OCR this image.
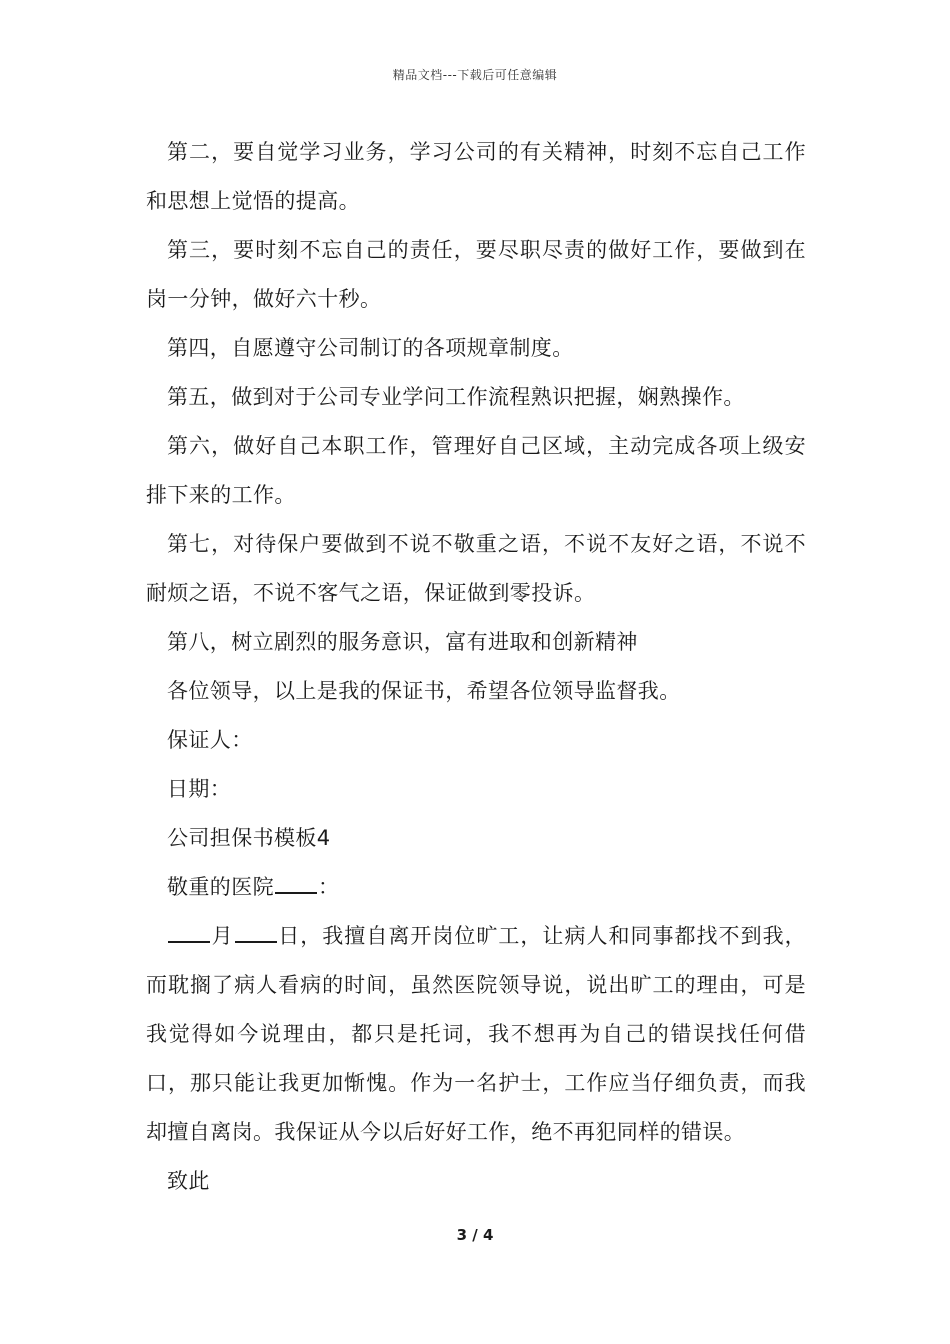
精品文档---下载后可任意编辑

第二，要自觉学习业务，学习公司的有关精神，时刻不忘自己工作和思想上觉悟的提高。

第三，要时刻不忘自己的责任，要尽职尽责的做好工作，要做到在岗一分钟，做好六十秒。

第四，自愿遵守公司制订的各项规章制度。

第五，做到对于公司专业学问工作流程熟识把握，娴熟操作。

第六，做好自己本职工作，管理好自己区域，主动完成各项上级安排下来的工作。

第七，对待保户要做到不说不敬重之语，不说不友好之语，不说不耐烦之语，不说不客气之语，保证做到零投诉。

第八，树立剧烈的服务意识，富有进取和创新精神

各位领导，以上是我的保证书，希望各位领导监督我。

保证人：

日期：

公司担保书模板4

敬重的医院 ：

月 日，我擅自离开岗位旷工，让病人和同事都找不到我，而耽搁了病人看病的时间，虽然医院领导说，说出旷工的理由，可是我觉得如今说理由，都只是托词，我不想再为自己的错误找任何借口，那只能让我更加惭愧。作为一名护士，工作应当仔细负责，而我却擅自离岗。我保证从今以后好好工作，绝不再犯同样的错误。

致此

3 / 4
